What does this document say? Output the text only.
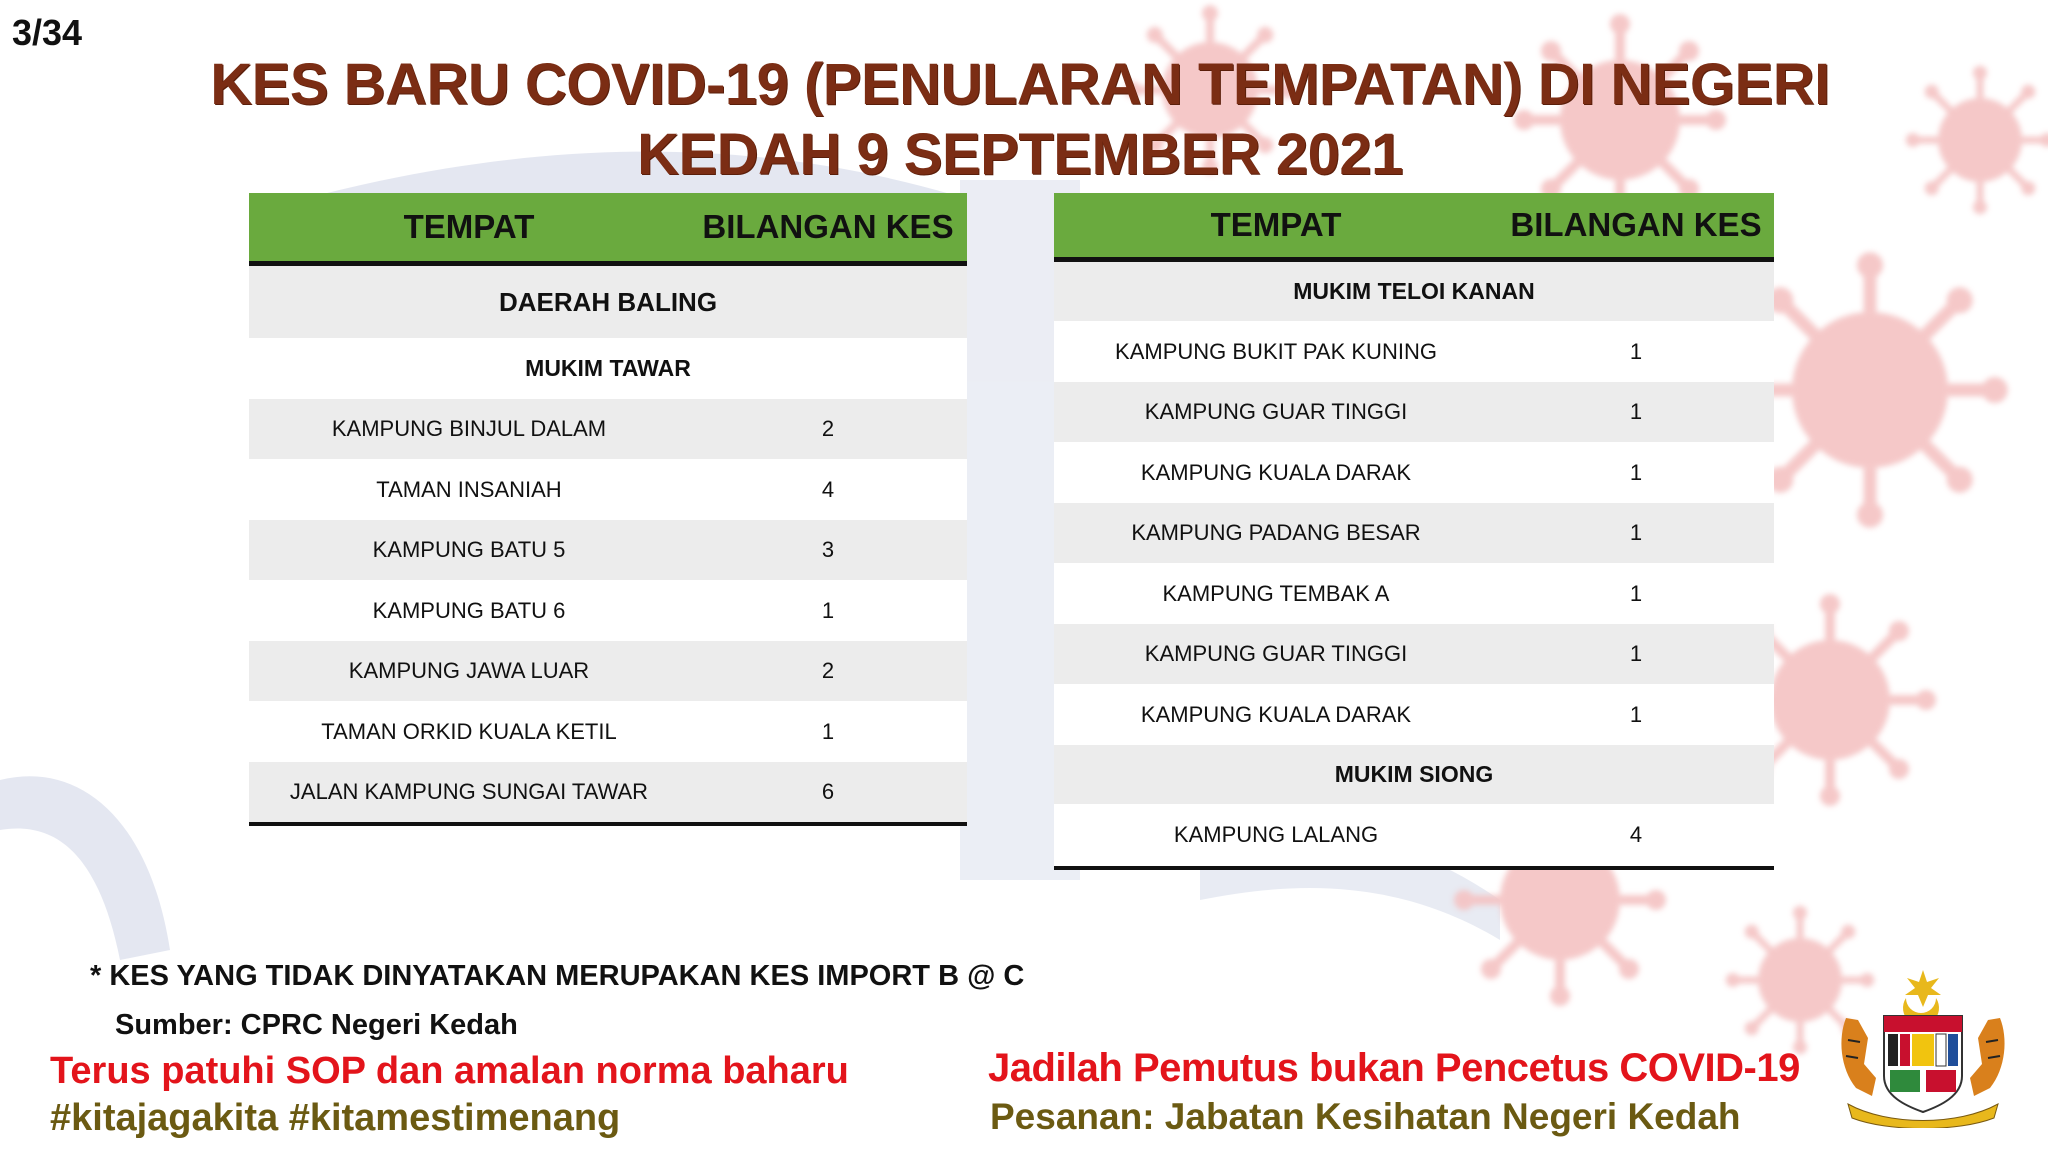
3/34
KES BARU COVID-19 (PENULARAN TEMPATAN) DI NEGERI
KEDAH 9 SEPTEMBER 2021
TEMPAT	BILANGAN KES
DAERAH BALING
MUKIM TAWAR
KAMPUNG BINJUL DALAM	2
TAMAN INSANIAH	4
KAMPUNG BATU 5	3
KAMPUNG BATU 6	1
KAMPUNG JAWA LUAR	2
TAMAN ORKID KUALA KETIL	1
JALAN KAMPUNG SUNGAI TAWAR	6
TEMPAT	BILANGAN KES
MUKIM TELOI KANAN
KAMPUNG BUKIT PAK KUNING	1
KAMPUNG GUAR TINGGI	1
KAMPUNG KUALA DARAK	1
KAMPUNG PADANG BESAR	1
KAMPUNG TEMBAK A	1
KAMPUNG GUAR TINGGI	1
KAMPUNG KUALA DARAK	1
MUKIM SIONG
KAMPUNG LALANG	4
* KES YANG TIDAK DINYATAKAN MERUPAKAN KES IMPORT B @ C
Sumber: CPRC Negeri Kedah
Terus patuhi SOP dan amalan norma baharu
#kitajagakita #kitamestimenang
Jadilah Pemutus bukan Pencetus COVID-19
Pesanan: Jabatan Kesihatan Negeri Kedah
